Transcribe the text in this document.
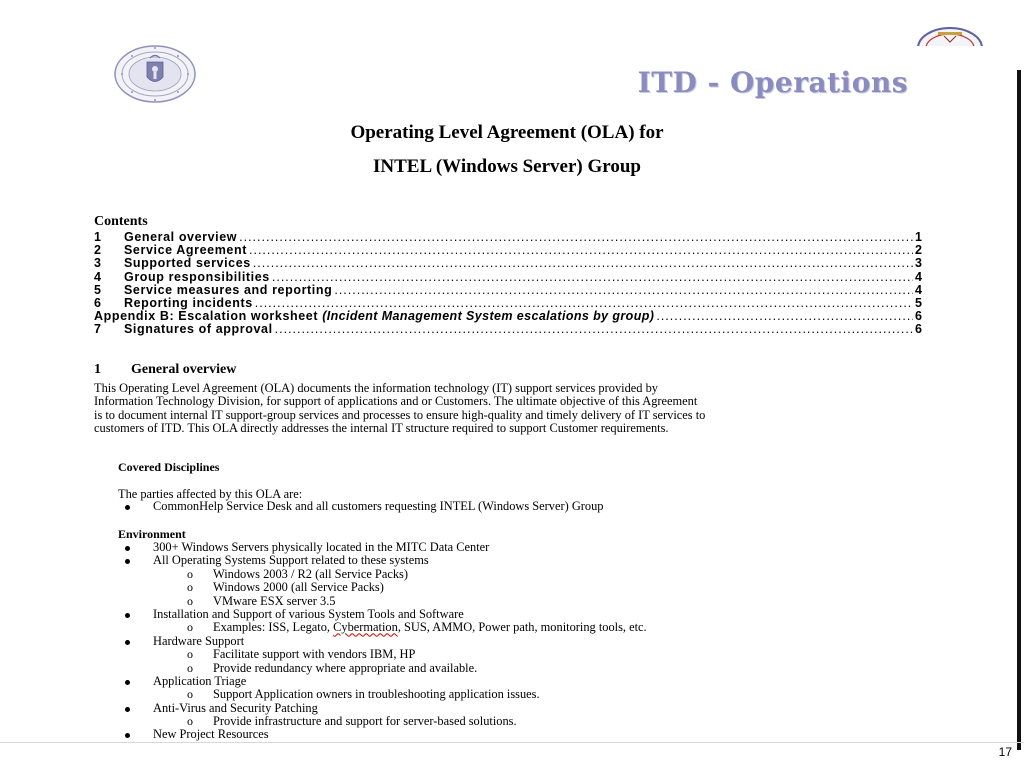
ITD - Operations
Operating Level Agreement (OLA) for
INTEL (Windows Server) Group
Contents
1	General overview .....	1
2	Service Agreement .....	2
3	Supported services .....	3
4	Group responsibilities .....	4
5	Service measures and reporting .....	4
6	Reporting incidents .....	5
Appendix B: Escalation worksheet (Incident Management System escalations by group) .....	6
7	Signatures of approval .....	6
1 General overview

This Operating Level Agreement (OLA) documents the information technology (IT) support services provided by
Information Technology Division, for support of applications and or Customers. The ultimate objective of this Agreement
is to document internal IT support-group services and processes to ensure high-quality and timely delivery of IT services to
customers of ITD. This OLA directly addresses the internal IT structure required to support Customer requirements.

Covered Disciplines
The parties affected by this OLA are:
CommonHelp Service Desk and all customers requesting INTEL (Windows Server) Group
Environment
300+ Windows Servers physically located in the MITC Data Center
All Operating Systems Support related to these systems
o Windows 2003 / R2 (all Service Packs)
o Windows 2000 (all Service Packs)
o VMware ESX server 3.5
Installation and Support of various System Tools and Software
o Examples: ISS, Legato, Cybermation, SUS, AMMO, Power path, monitoring tools, etc.
Hardware Support
o Facilitate support with vendors IBM, HP
o Provide redundancy where appropriate and available.
Application Triage
o Support Application owners in troubleshooting application issues.
Anti-Virus and Security Patching
o Provide infrastructure and support for server-based solutions.
New Project Resources
17
